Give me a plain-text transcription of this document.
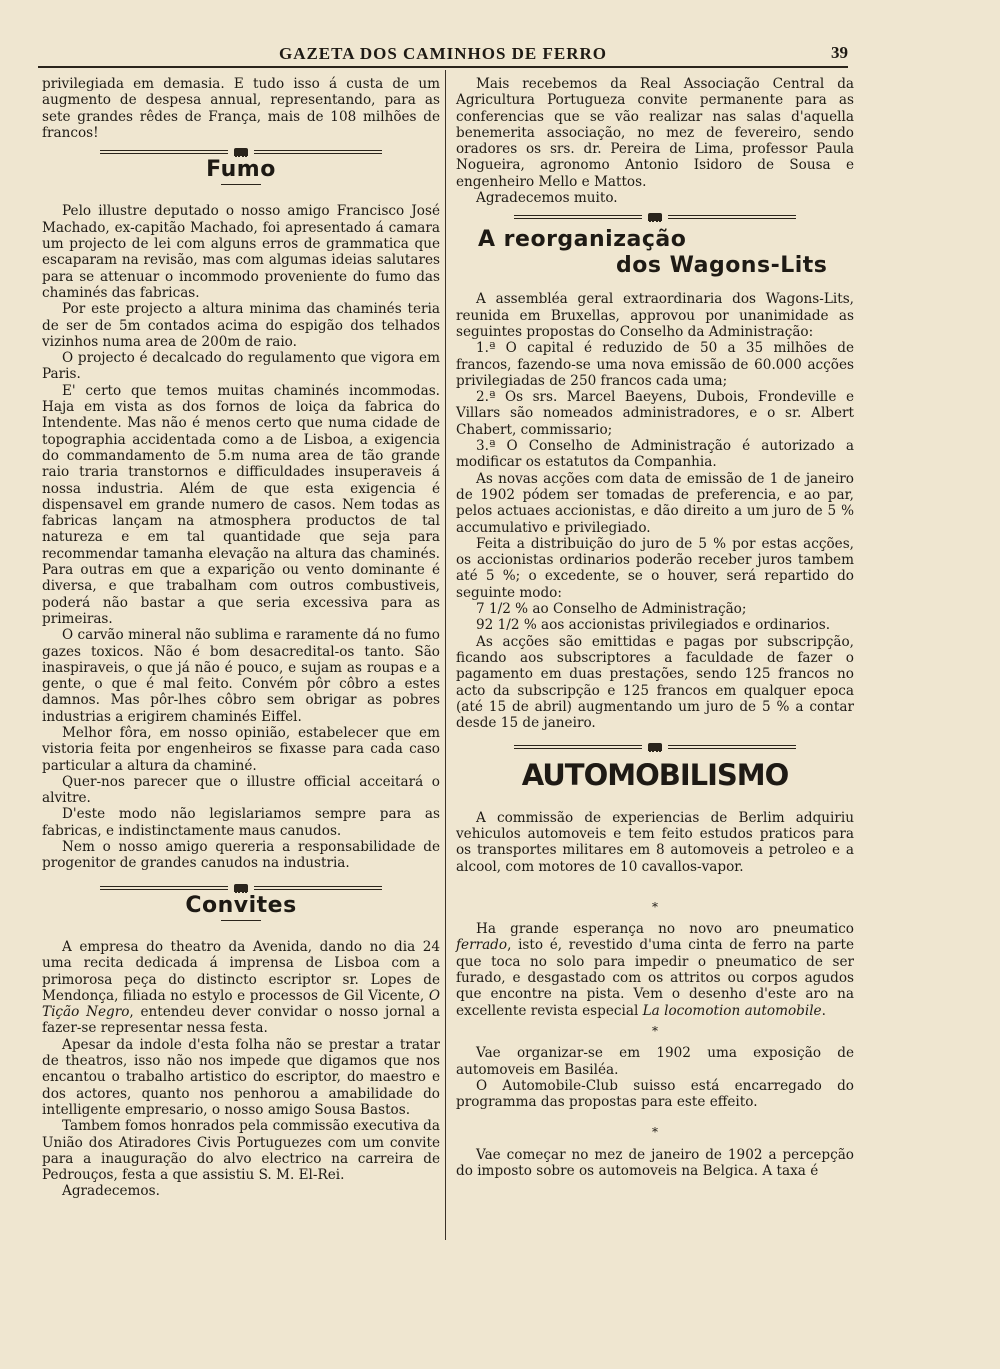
GAZETA DOS CAMINHOS DE FERRO	39

privilegiada em demasia. E tudo isso á custa de um augmento de despesa annual, representando, para as sete grandes rêdes de França, mais de 108 milhões de francos!

Fumo

Pelo illustre deputado o nosso amigo Francisco José Machado, ex-capitão Machado, foi apresentado á camara um projecto de lei com alguns erros de grammatica que escaparam na revisão, mas com algumas ideias salutares para se attenuar o incommodo proveniente do fumo das chaminés das fabricas.

Por este projecto a altura minima das chaminés teria de ser de 5m contados acima do espigão dos telhados vizinhos numa area de 200m de raio.

O projecto é decalcado do regulamento que vigora em Paris.

E' certo que temos muitas chaminés incommodas. Haja em vista as dos fornos de loiça da fabrica do Intendente. Mas não é menos certo que numa cidade de topographia accidentada como a de Lisboa, a exigencia do commandamento de 5.m numa area de tão grande raio traria transtornos e difficuldades insuperaveis á nossa industria. Além de que esta exigencia é dispensavel em grande numero de casos. Nem todas as fabricas lançam na atmosphera productos de tal natureza e em tal quantidade que seja para recommendar tamanha elevação na altura das chaminés. Para outras em que a exparição ou vento dominante é diversa, e que trabalham com outros combustiveis, poderá não bastar a que seria excessiva para as primeiras.

O carvão mineral não sublima e raramente dá no fumo gazes toxicos. Não é bom desacredital-os tanto. São inaspiraveis, o que já não é pouco, e sujam as roupas e a gente, o que é mal feito. Convém pôr côbro a estes damnos. Mas pôr-lhes côbro sem obrigar as pobres industrias a erigirem chaminés Eiffel.

Melhor fôra, em nosso opinião, estabelecer que em vistoria feita por engenheiros se fixasse para cada caso particular a altura da chaminé.

Quer-nos parecer que o illustre official acceitará o alvitre.

D'este modo não legislariamos sempre para as fabricas, e indistinctamente maus canudos.

Nem o nosso amigo quereria a responsabilidade de progenitor de grandes canudos na industria.

Convites

A empresa do theatro da Avenida, dando no dia 24 uma recita dedicada á imprensa de Lisboa com a primorosa peça do distincto escriptor sr. Lopes de Mendonça, filiada no estylo e processos de Gil Vicente, O Tição Negro, entendeu dever convidar o nosso jornal a fazer-se representar nessa festa.

Apesar da indole d'esta folha não se prestar a tratar de theatros, isso não nos impede que digamos que nos encantou o trabalho artistico do escriptor, do maestro e dos actores, quanto nos penhorou a amabilidade do intelligente empresario, o nosso amigo Sousa Bastos.

Tambem fomos honrados pela commissão executiva da União dos Atiradores Civis Portuguezes com um convite para a inauguração do alvo electrico na carreira de Pedrouços, festa a que assistiu S. M. El-Rei.

Agradecemos.

Mais recebemos da Real Associação Central da Agricultura Portugueza convite permanente para as conferencias que se vão realizar nas salas d'aquella benemerita associação, no mez de fevereiro, sendo oradores os srs. dr. Pereira de Lima, professor Paula Nogueira, agronomo Antonio Isidoro de Sousa e engenheiro Mello e Mattos.

Agradecemos muito.

A reorganização
dos Wagons-Lits

A assembléa geral extraordinaria dos Wagons-Lits, reunida em Bruxellas, approvou por unanimidade as seguintes propostas do Conselho da Administração:

1.ª O capital é reduzido de 50 a 35 milhões de francos, fazendo-se uma nova emissão de 60.000 acções privilegiadas de 250 francos cada uma;

2.ª Os srs. Marcel Baeyens, Dubois, Frondeville e Villars são nomeados administradores, e o sr. Albert Chabert, commissario;

3.ª O Conselho de Administração é autorizado a modificar os estatutos da Companhia.

As novas acções com data de emissão de 1 de janeiro de 1902 pódem ser tomadas de preferencia, e ao par, pelos actuaes accionistas, e dão direito a um juro de 5 % accumulativo e privilegiado.

Feita a distribuição do juro de 5 % por estas acções, os accionistas ordinarios poderão receber juros tambem até 5 %; o excedente, se o houver, será repartido do seguinte modo:

7 1/2 % ao Conselho de Administração;

92 1/2 % aos accionistas privilegiados e ordinarios.

As acções são emittidas e pagas por subscripção, ficando aos subscriptores a faculdade de fazer o pagamento em duas prestações, sendo 125 francos no acto da subscripção e 125 francos em qualquer epoca (até 15 de abril) augmentando um juro de 5 % a contar desde 15 de janeiro.

AUTOMOBILISMO

A commissão de experiencias de Berlim adquiriu vehiculos automoveis e tem feito estudos praticos para os transportes militares em 8 automoveis a petroleo e a alcool, com motores de 10 cavallos-vapor.

*

Ha grande esperança no novo aro pneumatico ferrado, isto é, revestido d'uma cinta de ferro na parte que toca no solo para impedir o pneumatico de ser furado, e desgastado com os attritos ou corpos agudos que encontre na pista. Vem o desenho d'este aro na excellente revista especial La locomotion automobile.

*

Vae organizar-se em 1902 uma exposição de automoveis em Basiléa.

O Automobile-Club suisso está encarregado do programma das propostas para este effeito.

*

Vae começar no mez de janeiro de 1902 a percepção do imposto sobre os automoveis na Belgica. A taxa é
